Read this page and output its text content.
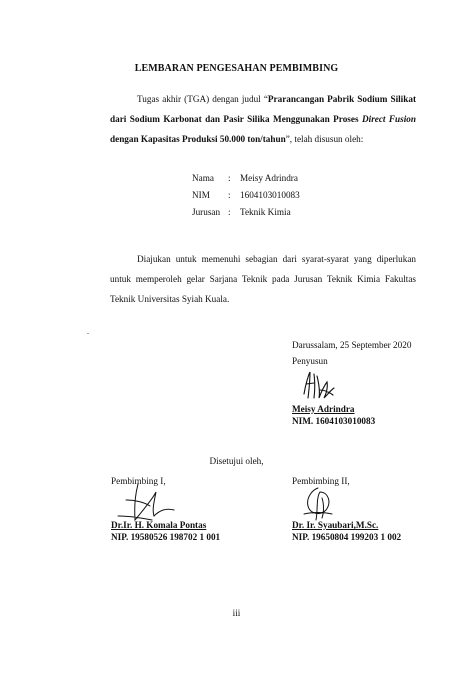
LEMBARAN PENGESAHAN PEMBIMBING
Tugas akhir (TGA) dengan judul “Prarancangan Pabrik Sodium Silikat dari Sodium Karbonat dan Pasir Silika Menggunakan Proses Direct Fusion dengan Kapasitas Produksi 50.000 ton/tahun”, telah disusun oleh:
Nama	:	Meisy Adrindra
NIM	:	1604103010083
Jurusan :	Teknik Kimia
Diajukan untuk memenuhi sebagian dari syarat-syarat yang diperlukan untuk memperoleh gelar Sarjana Teknik pada Jurusan Teknik Kimia Fakultas Teknik Universitas Syiah Kuala.
.
Darussalam, 25 September 2020
Penyusun
Meisy Adrindra
NIM. 1604103010083
Disetujui oleh,
Pembimbing I,
Dr.Ir. H. Komala Pontas
NIP. 19580526 198702 1 001
Pembimbing II,
Dr. Ir. Syaubari,M.Sc.
NIP. 19650804 199203 1 002
iii
